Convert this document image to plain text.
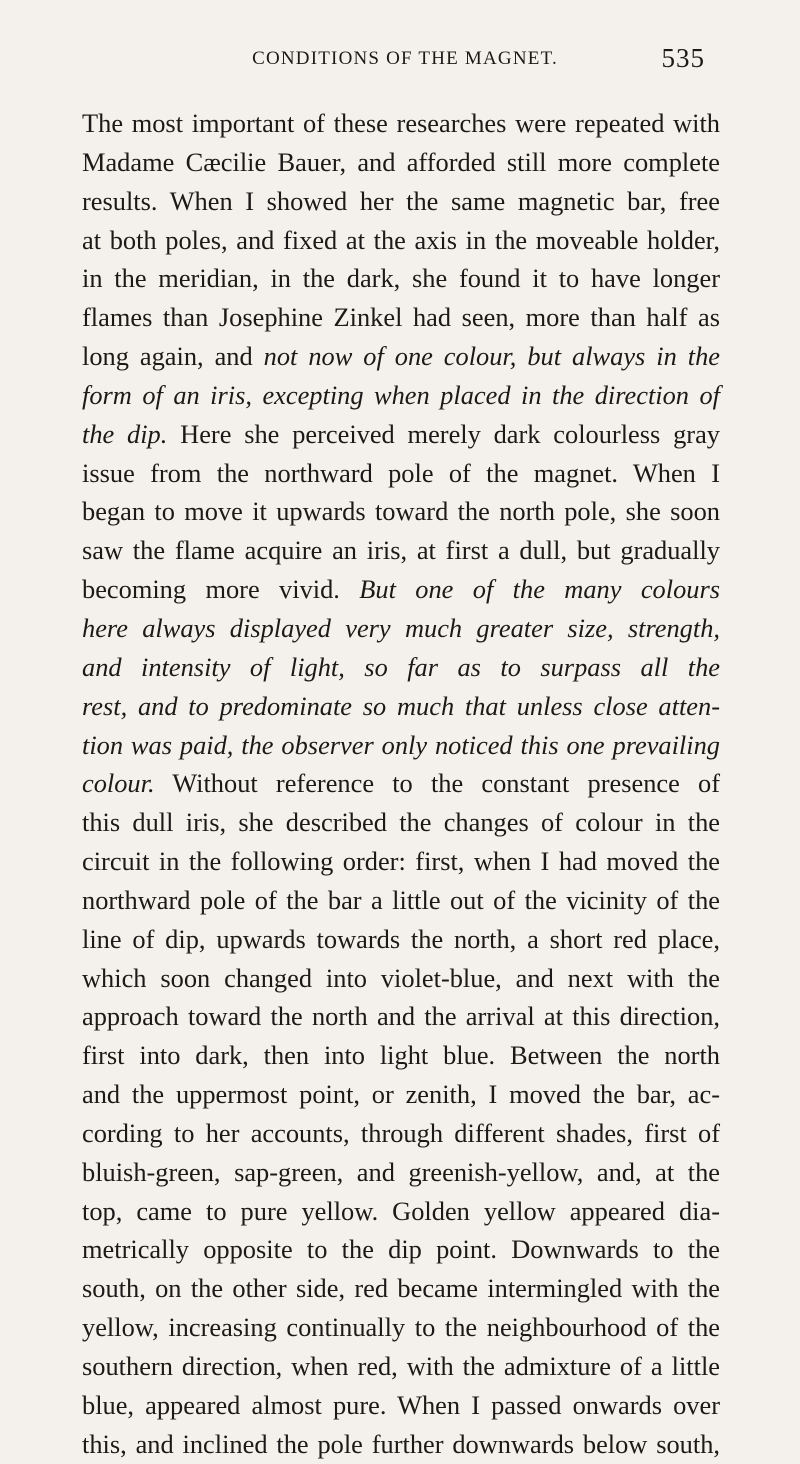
CONDITIONS OF THE MAGNET.	535
The most important of these researches were repeated with
Madame Cæcilie Bauer, and afforded still more complete
results. When I showed her the same magnetic bar, free
at both poles, and fixed at the axis in the moveable holder,
in the meridian, in the dark, she found it to have longer
flames than Josephine Zinkel had seen, more than half as
long again, and not now of one colour, but always in the
form of an iris, excepting when placed in the direction of
the dip. Here she perceived merely dark colourless gray
issue from the northward pole of the magnet. When I
began to move it upwards toward the north pole, she soon
saw the flame acquire an iris, at first a dull, but gradually
becoming more vivid. But one of the many colours
here always displayed very much greater size, strength,
and intensity of light, so far as to surpass all the
rest, and to predominate so much that unless close atten-
tion was paid, the observer only noticed this one prevailing
colour. Without reference to the constant presence of
this dull iris, she described the changes of colour in the
circuit in the following order: first, when I had moved the
northward pole of the bar a little out of the vicinity of the
line of dip, upwards towards the north, a short red place,
which soon changed into violet-blue, and next with the
approach toward the north and the arrival at this direction,
first into dark, then into light blue. Between the north
and the uppermost point, or zenith, I moved the bar, ac-
cording to her accounts, through different shades, first of
bluish-green, sap-green, and greenish-yellow, and, at the
top, came to pure yellow. Golden yellow appeared dia-
metrically opposite to the dip point. Downwards to the
south, on the other side, red became intermingled with the
yellow, increasing continually to the neighbourhood of the
southern direction, when red, with the admixture of a little
blue, appeared almost pure. When I passed onwards over
this, and inclined the pole further downwards below south,
